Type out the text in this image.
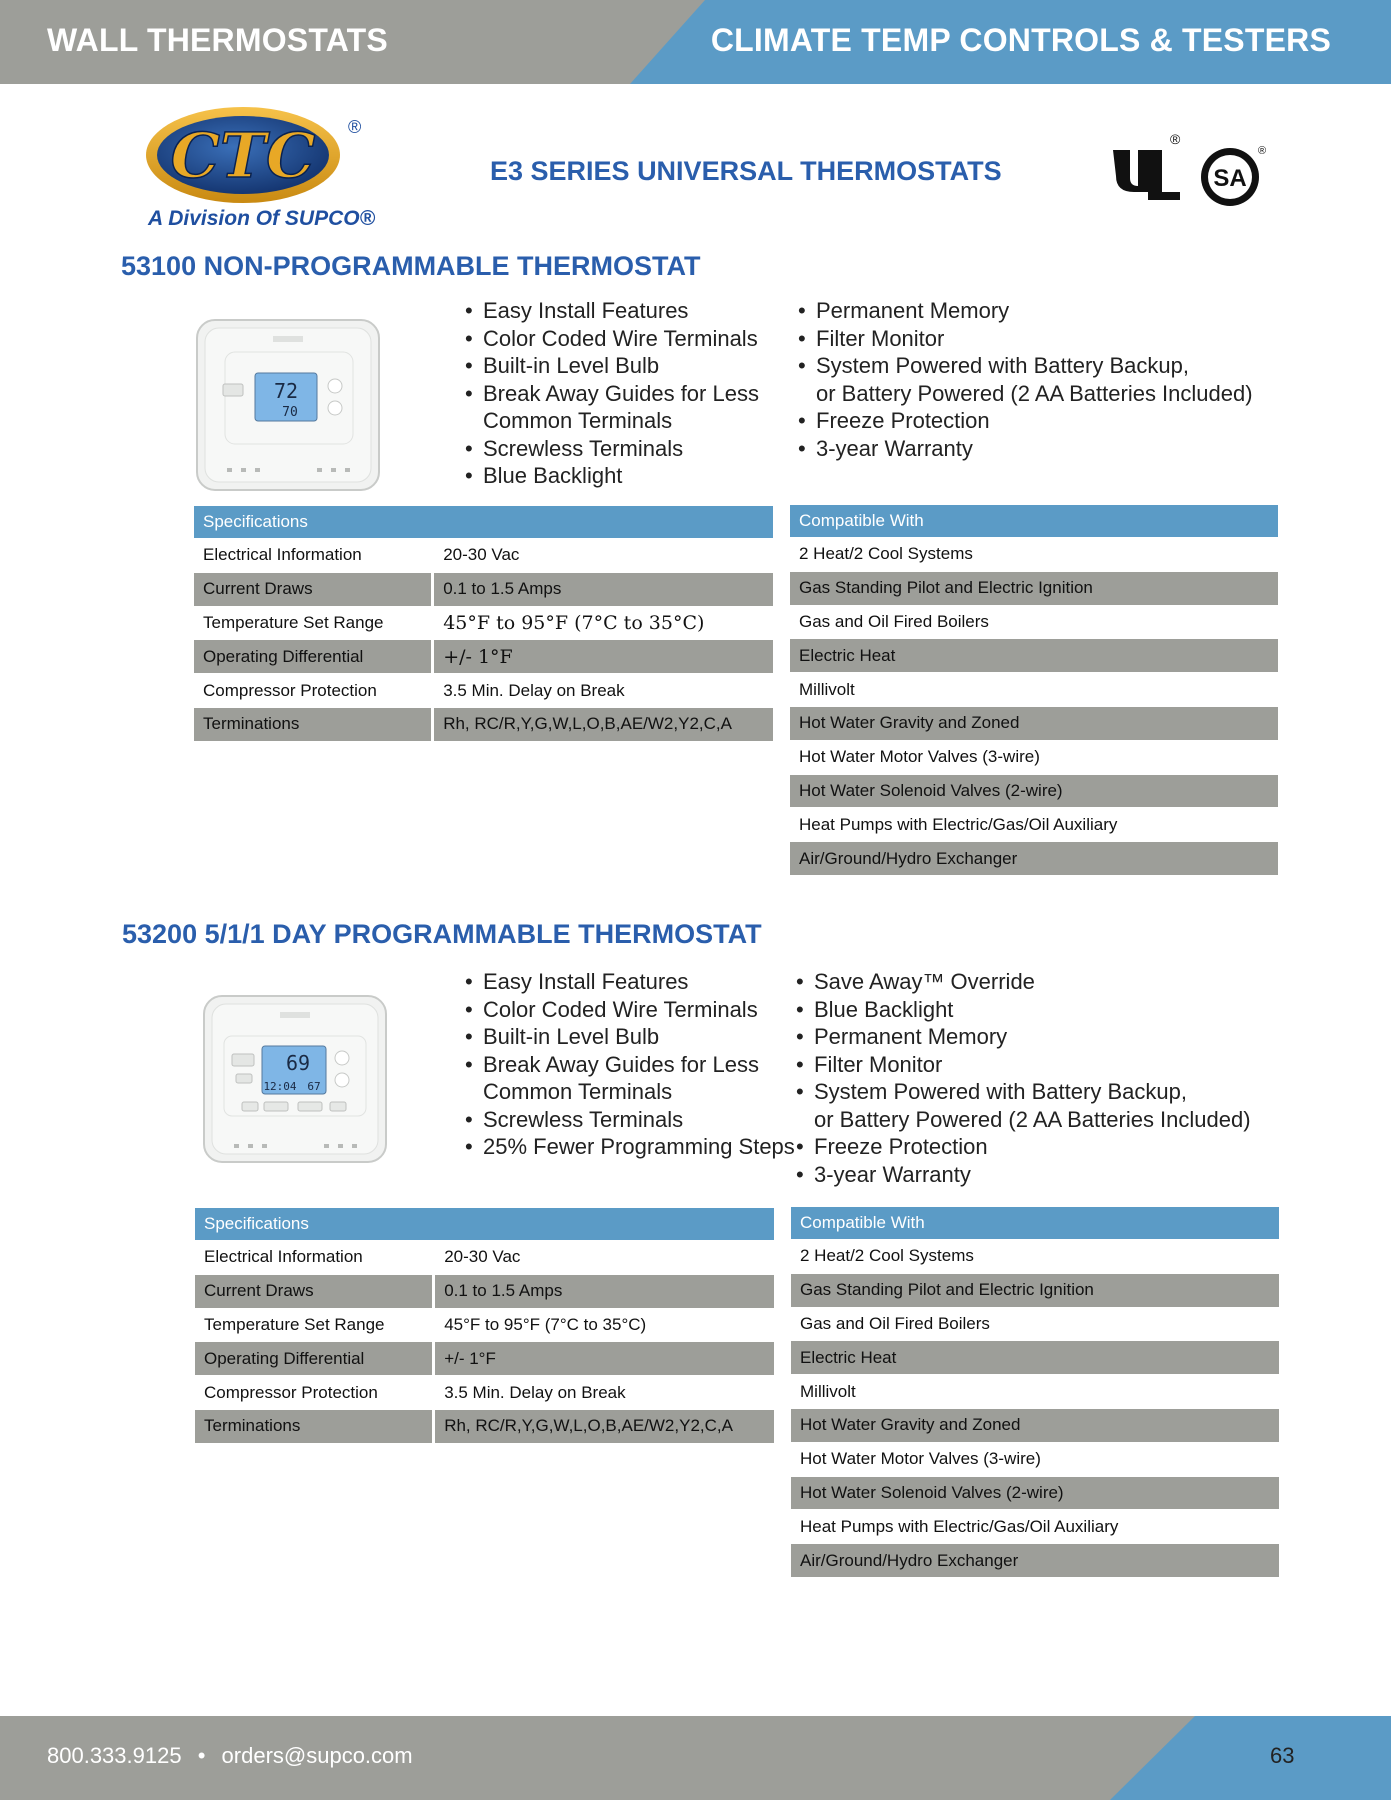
WALL THERMOSTATS	CLIMATE TEMP CONTROLS & TESTERS
CTC ®
A Division Of SUPCO®
E3 SERIES UNIVERSAL THERMOSTATS
®
SA
®
53100 NON-PROGRAMMABLE THERMOSTAT
72
70
• Easy Install Features
• Color Coded Wire Terminals
• Built-in Level Bulb
• Break Away Guides for Less
Common Terminals
• Screwless Terminals
• Blue Backlight
• Permanent Memory
• Filter Monitor
• System Powered with Battery Backup,
or Battery Powered (2 AA Batteries Included)
• Freeze Protection
• 3-year Warranty
Specifications
Electrical Information	20-30 Vac
Current Draws	0.1 to 1.5 Amps
Temperature Set Range	45°F to 95°F (7°C to 35°C)
Operating Differential	+/- 1°F
Compressor Protection	3.5 Min. Delay on Break
Terminations	Rh, RC/R,Y,G,W,L,O,B,AE/W2,Y2,C,A
Compatible With
2 Heat/2 Cool Systems
Gas Standing Pilot and Electric Ignition
Gas and Oil Fired Boilers
Electric Heat
Millivolt
Hot Water Gravity and Zoned
Hot Water Motor Valves (3-wire)
Hot Water Solenoid Valves (2-wire)
Heat Pumps with Electric/Gas/Oil Auxiliary
Air/Ground/Hydro Exchanger
53200 5/1/1 DAY PROGRAMMABLE THERMOSTAT
69
12:04 67
• Easy Install Features
• Color Coded Wire Terminals
• Built-in Level Bulb
• Break Away Guides for Less
Common Terminals
• Screwless Terminals
• 25% Fewer Programming Steps
• Save Away™ Override
• Blue Backlight
• Permanent Memory
• Filter Monitor
• System Powered with Battery Backup,
or Battery Powered (2 AA Batteries Included)
• Freeze Protection
• 3-year Warranty
Specifications
Electrical Information	20-30 Vac
Current Draws	0.1 to 1.5 Amps
Temperature Set Range	45°F to 95°F (7°C to 35°C)
Operating Differential	+/- 1°F
Compressor Protection	3.5 Min. Delay on Break
Terminations	Rh, RC/R,Y,G,W,L,O,B,AE/W2,Y2,C,A
Compatible With
2 Heat/2 Cool Systems
Gas Standing Pilot and Electric Ignition
Gas and Oil Fired Boilers
Electric Heat
Millivolt
Hot Water Gravity and Zoned
Hot Water Motor Valves (3-wire)
Hot Water Solenoid Valves (2-wire)
Heat Pumps with Electric/Gas/Oil Auxiliary
Air/Ground/Hydro Exchanger
800.333.9125 • orders@supco.com	63
